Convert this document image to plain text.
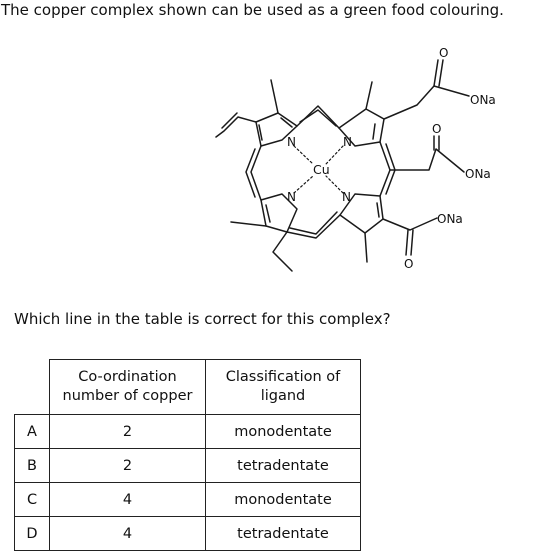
The copper complex shown can be used as a green food colouring.
N	N
N	N
Cu
O
O
O
ONa
ONa
ONa
Which line in the table is correct for this complex?
	Co-ordination number of copper	Classification of ligand
A	2	monodentate
B	2	tetradentate
C	4	monodentate
D	4	tetradentate
